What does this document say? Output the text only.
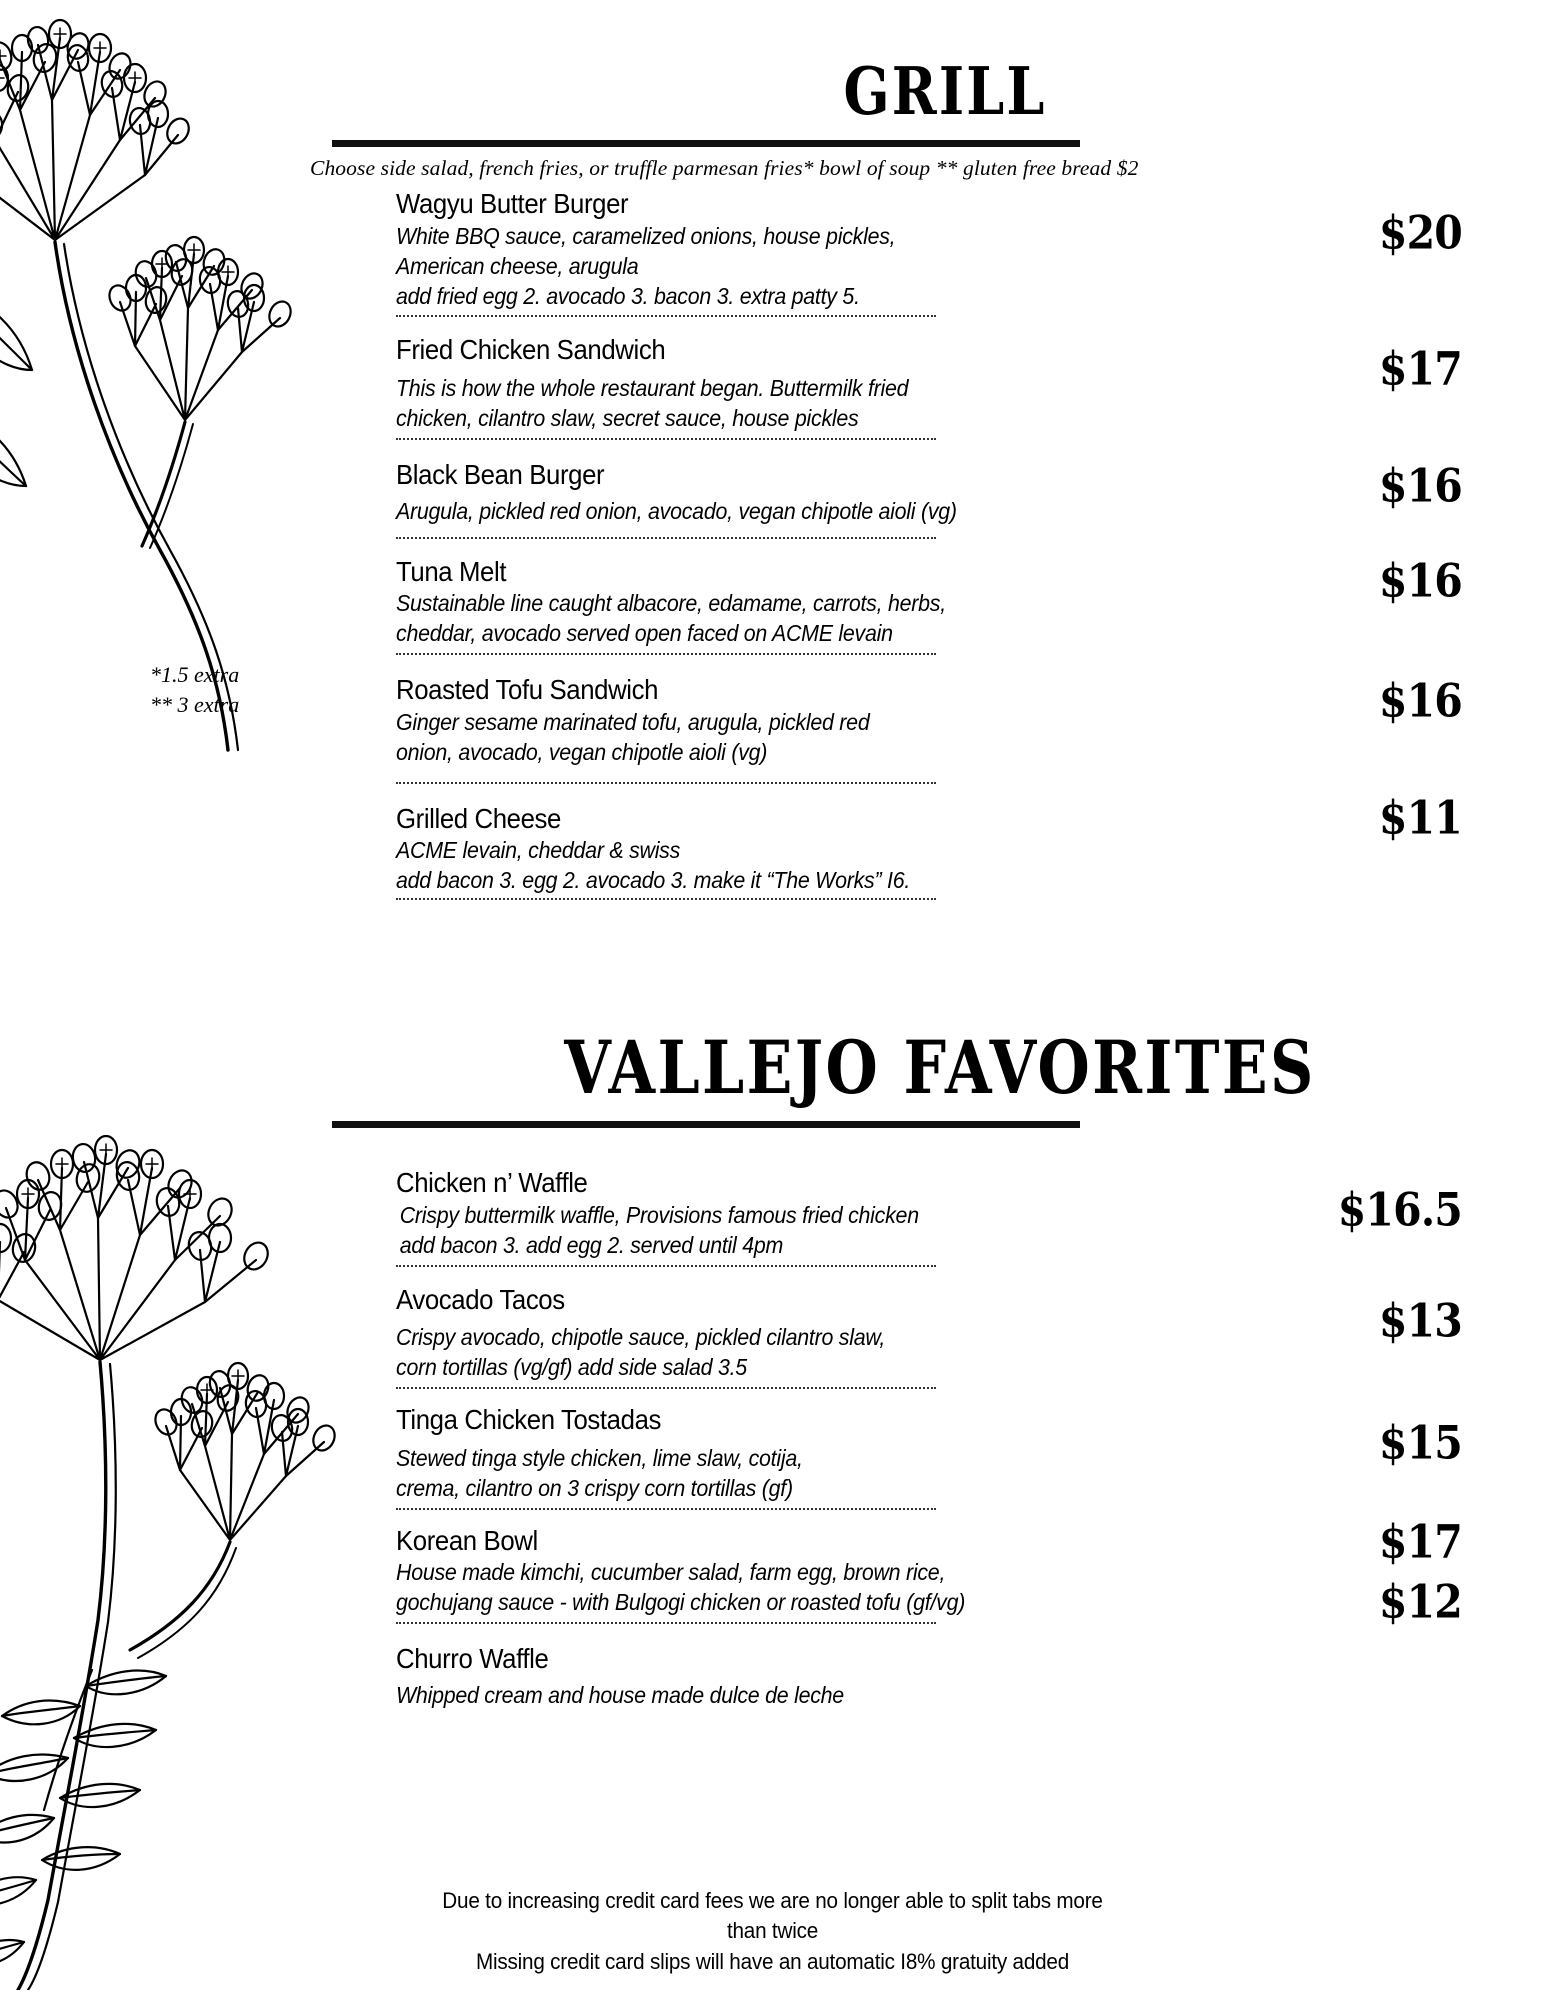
GRILL
Choose side salad, french fries, or truffle parmesan fries* bowl of soup ** gluten free bread $2
Wagyu Butter Burger
White BBQ sauce, caramelized onions, house pickles,
American cheese, arugula
add fried egg 2. avocado 3. bacon 3. extra patty 5.
$20
Fried Chicken Sandwich
This is how the whole restaurant began. Buttermilk fried
chicken, cilantro slaw, secret sauce, house pickles
$17
Black Bean Burger
Arugula, pickled red onion, avocado, vegan chipotle aioli (vg)	$16
Tuna Melt
Sustainable line caught albacore, edamame, carrots, herbs,
cheddar, avocado served open faced on ACME levain
$16
Roasted Tofu Sandwich
Ginger sesame marinated tofu, arugula, pickled red
onion, avocado, vegan chipotle aioli (vg)
$16
Grilled Cheese
ACME levain, cheddar & swiss
add bacon 3. egg 2. avocado 3. make it “The Works” I6.
$11
VALLEJO FAVORITES
Chicken n’ Waffle
Crispy buttermilk waffle, Provisions famous fried chicken
add bacon 3. add egg 2. served until 4pm
$16.5
Avocado Tacos
Crispy avocado, chipotle sauce, pickled cilantro slaw,
corn tortillas (vg/gf) add side salad 3.5
$13
Tinga Chicken Tostadas
Stewed tinga style chicken, lime slaw, cotija,
crema, cilantro on 3 crispy corn tortillas (gf)
$15
Korean Bowl
House made kimchi, cucumber salad, farm egg, brown rice,
gochujang sauce - with Bulgogi chicken or roasted tofu (gf/vg)
$17
Churro Waffle
Whipped cream and house made dulce de leche
$12
*1.5 extra
** 3 extra
Due to increasing credit card fees we are no longer able to split tabs more
than twice
Missing credit card slips will have an automatic I8% gratuity added
